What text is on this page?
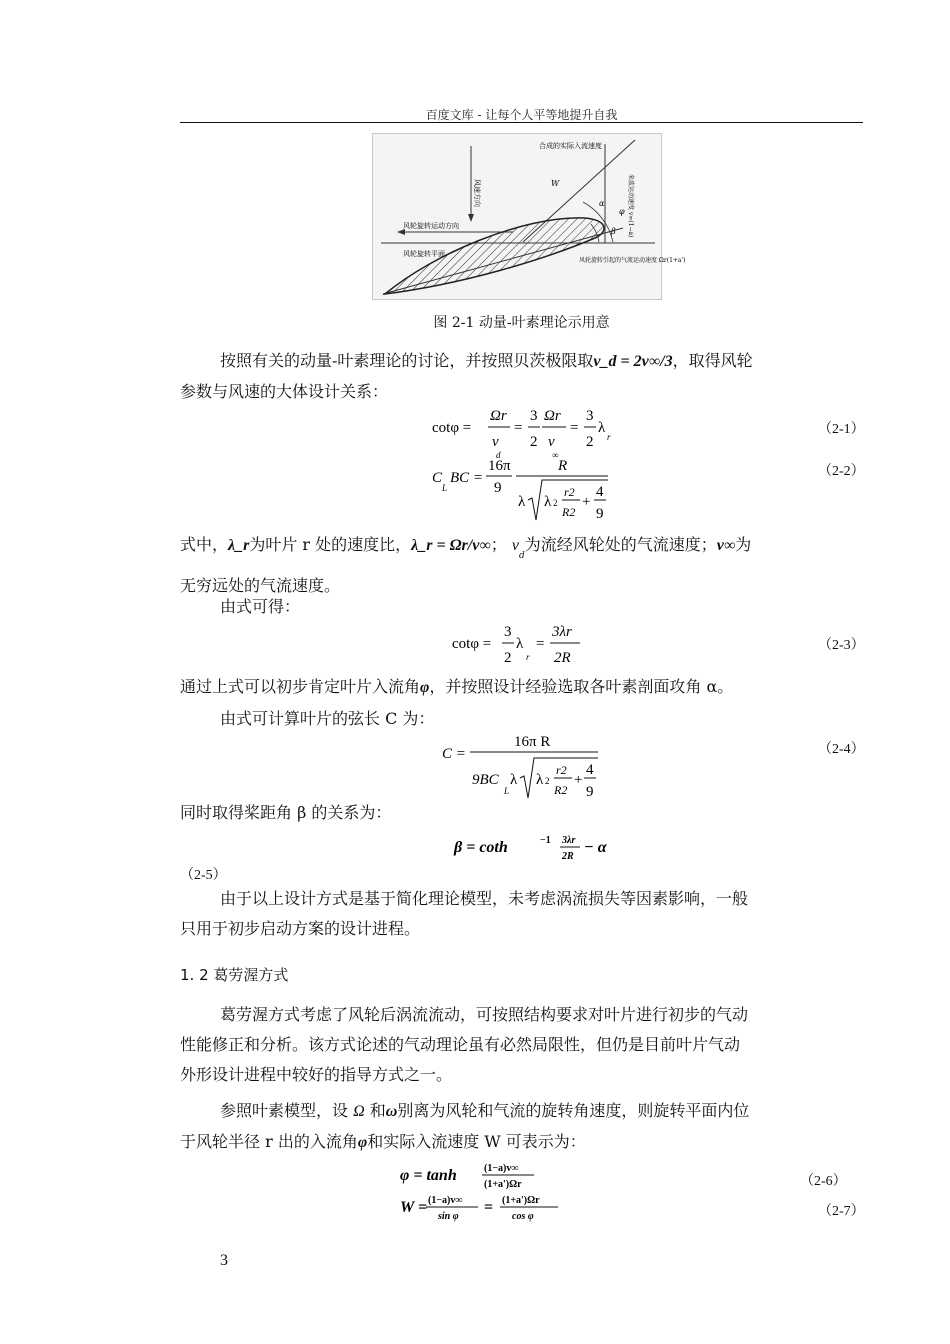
百度文库 - 让每个人平等地提升自我
风速方向
合成的实际入流速度
W
α
φ
β
风轮旋转运动方向
风轮旋转平面
来流运动速度 v∞(1−a)
风轮旋转引起的气流运动速度 Ωr(1+a')
图 2-1 动量-叶素理论示用意

按照有关的动量-叶素理论的讨论，并按照贝茨极限取v_d = 2v∞/3，取得风轮

参数与风速的大体设计关系：

cotφ =
Ωr
v
d
=
3
2
Ωr
v
∞
=
3
2
λ
r	（2-1）
C
L
BC =
16π
9
R
λ λ 2
r2
R2
+
4
9
（2-2）

式中，λ_r为叶片 r 处的速度比，λ_r = Ωr/v∞； $v_d$为流经风轮处的气流速度；v∞为

无穷远处的气流速度。

由式可得：
cotφ =
3
2
λ
r
=
3λr
2R
（2-3）

通过上式可以初步肯定叶片入流角φ，并按照设计经验选取各叶素剖面攻角 α。

由式可计算叶片的弦长 C 为：
C =
16π R
9BC
L
λ λ 2
r2
R2
+
4
9
（2-4）
同时取得桨距角 β 的关系为：
β = coth	−1 3λr
2R
− α
（2-5）

由于以上设计方式是基于简化理论模型，未考虑涡流损失等因素影响，一般

只用于初步启动方案的设计进程。

1. 2 葛劳渥方式

葛劳渥方式考虑了风轮后涡流流动，可按照结构要求对叶片进行初步的气动

性能修正和分析。该方式论述的气动理论虽有必然局限性，但仍是目前叶片气动

外形设计进程中较好的指导方式之一。

参照叶素模型，设 Ω 和ω别离为风轮和气流的旋转角速度，则旋转平面内位

于风轮半径 r 出的入流角φ和实际入流速度 W 可表示为：

φ = tanh	(1−a)v∞
(1+a')Ωr	（2-6）
W = (1−a)v∞
sin φ
= (1+a')Ωr
cos φ	（2-7）
3
